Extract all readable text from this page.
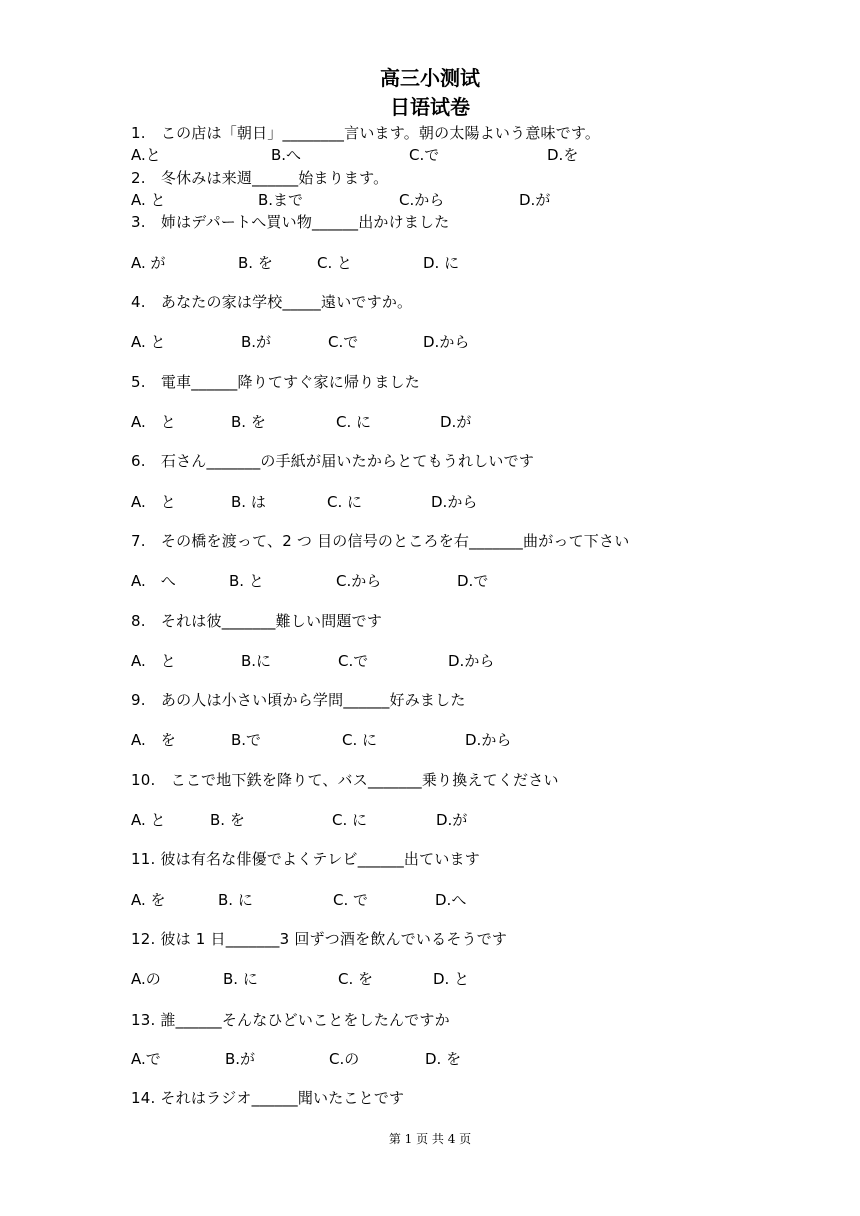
高三小测试
日语试卷
1.　この店は「朝日」________言います。朝の太陽よいう意味です。
A.と	B.へ	C.で	D.を
2.　冬休みは来週______始まります。
A. と	B.まで	C.から	D.が
3.　姉はデパートへ買い物______出かけました
A. が	B. を	C. と	D. に
4.　あなたの家は学校_____遠いですか。
A. と	B.が	C.で	D.から
5.　電車______降りてすぐ家に帰りました
A.　と	B. を	C. に	D.が
6.　石さん_______の手紙が届いたからとてもうれしいです
A.　と	B. は	C. に	D.から
7.　その橋を渡って、2 つ 目の信号のところを右_______曲がって下さい
A.　へ	B. と	C.から	D.で
8.　それは彼_______難しい問題です
A.　と	B.に	C.で	D.から
9.　あの人は小さい頃から学問______好みました
A.　を	B.で	C. に	D.から
10.　ここで地下鉄を降りて、バス_______乗り換えてください
A. と	B. を	C. に	D.が
11. 彼は有名な俳優でよくテレビ______出ています
A. を	B. に	C. で	D.へ
12. 彼は 1 日_______3 回ずつ酒を飲んでいるそうです
A.の	B. に	C. を	D. と
13. 誰______そんなひどいことをしたんですか
A.で	B.が	C.の	D. を
14. それはラジオ______聞いたことです
第 1 页 共 4 页
